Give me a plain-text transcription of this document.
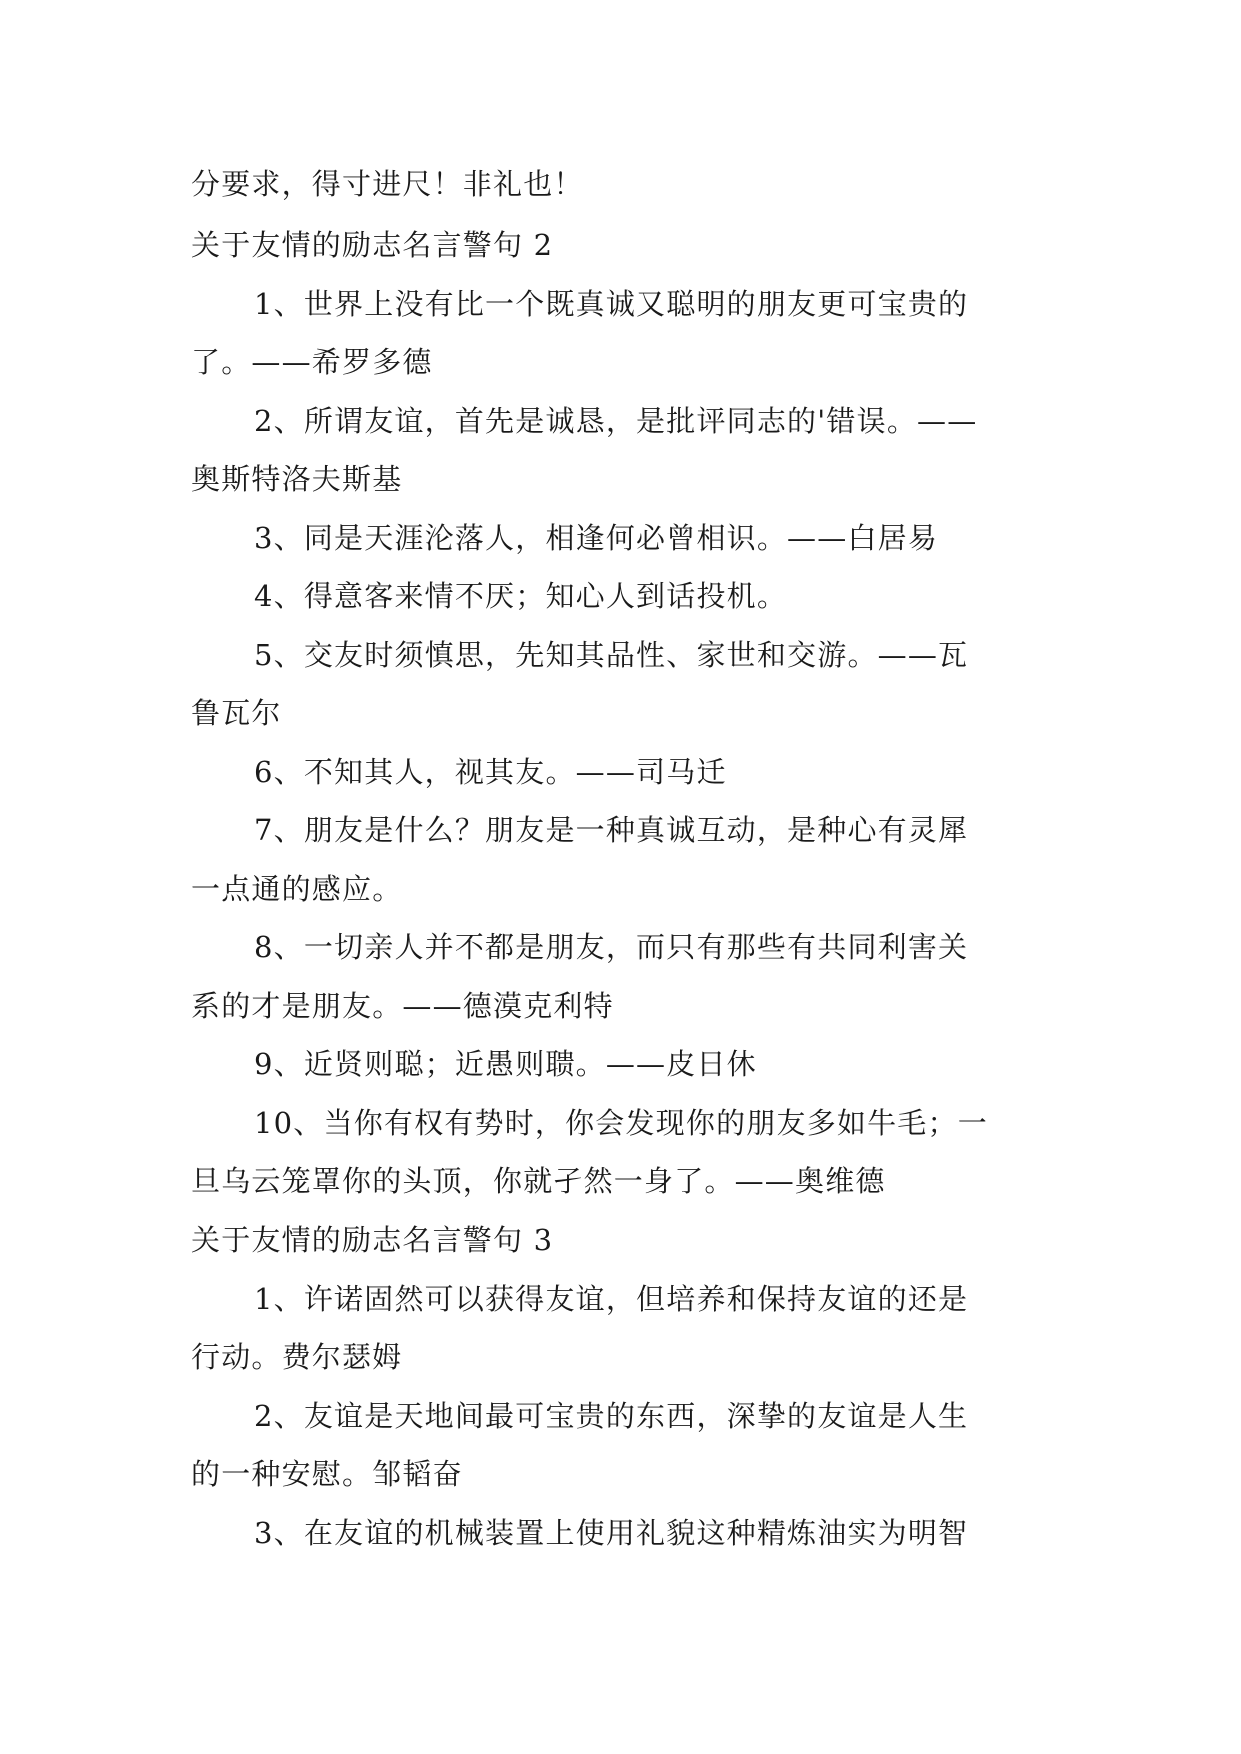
分要求，得寸进尺！非礼也！
关于友情的励志名言警句 2
1、世界上没有比一个既真诚又聪明的朋友更可宝贵的
了。——希罗多德
2、所谓友谊，首先是诚恳，是批评同志的'错误。——
奥斯特洛夫斯基
3、同是天涯沦落人，相逢何必曾相识。——白居易
4、得意客来情不厌；知心人到话投机。
5、交友时须慎思，先知其品性、家世和交游。——瓦
鲁瓦尔
6、不知其人，视其友。——司马迁
7、朋友是什么？朋友是一种真诚互动，是种心有灵犀
一点通的感应。
8、一切亲人并不都是朋友，而只有那些有共同利害关
系的才是朋友。——德漠克利特
9、近贤则聪；近愚则聩。——皮日休
10、当你有权有势时，你会发现你的朋友多如牛毛；一
旦乌云笼罩你的头顶，你就孑然一身了。——奥维德
关于友情的励志名言警句 3
1、许诺固然可以获得友谊，但培养和保持友谊的还是
行动。费尔瑟姆
2、友谊是天地间最可宝贵的东西，深挚的友谊是人生
的一种安慰。邹韬奋
3、在友谊的机械装置上使用礼貌这种精炼油实为明智
